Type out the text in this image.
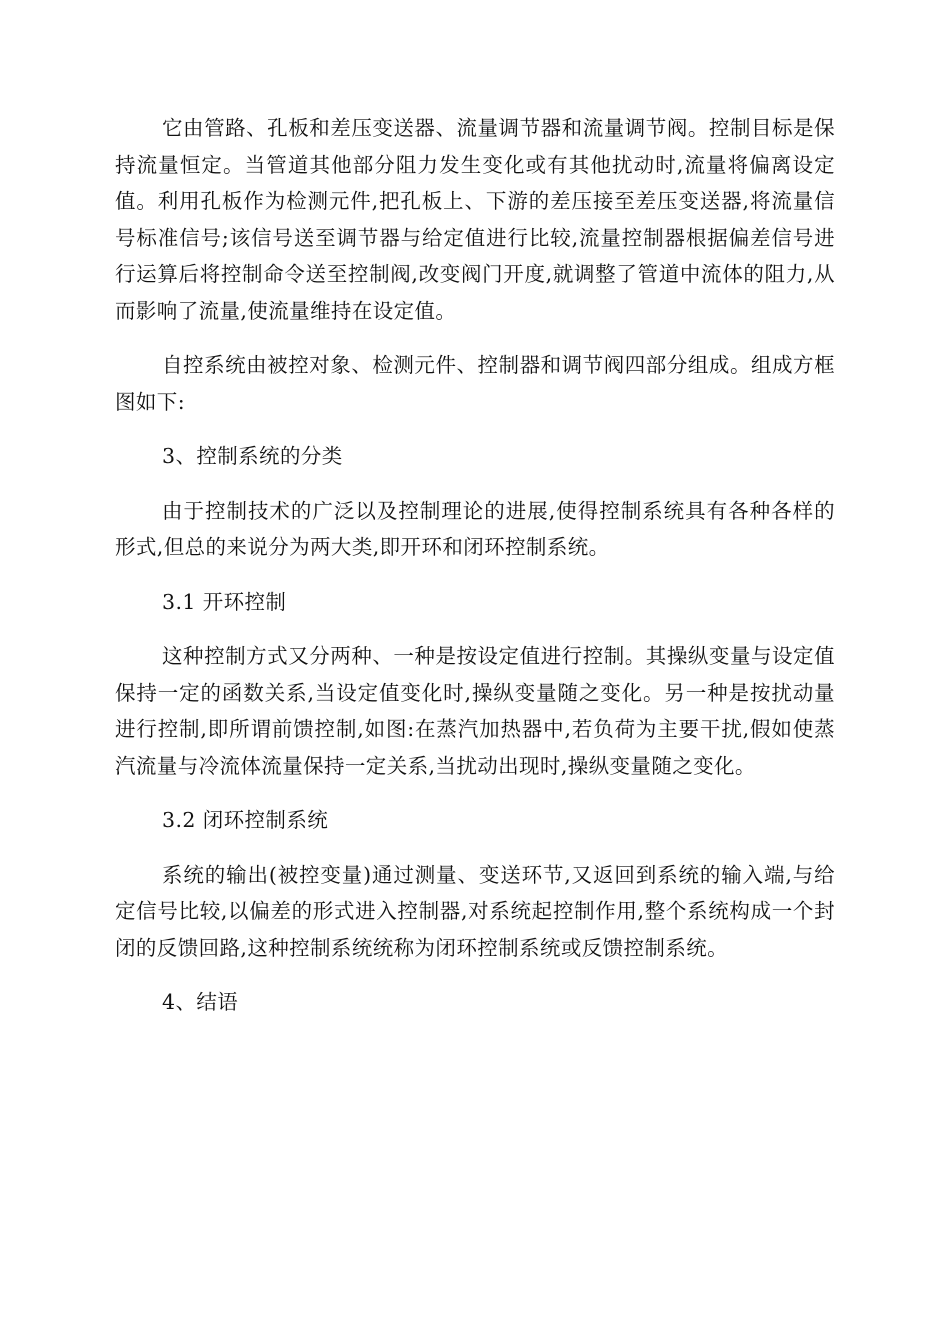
它由管路、孔板和差压变送器、流量调节器和流量调节阀。控制目标是保持流量恒定。当管道其他部分阻力发生变化或有其他扰动时,流量将偏离设定值。利用孔板作为检测元件,把孔板上、下游的差压接至差压变送器,将流量信号标准信号;该信号送至调节器与给定值进行比较,流量控制器根据偏差信号进行运算后将控制命令送至控制阀,改变阀门开度,就调整了管道中流体的阻力,从而影响了流量,使流量维持在设定值。

自控系统由被控对象、检测元件、控制器和调节阀四部分组成。组成方框图如下:

3、控制系统的分类

由于控制技术的广泛以及控制理论的进展,使得控制系统具有各种各样的形式,但总的来说分为两大类,即开环和闭环控制系统。

3.1 开环控制

这种控制方式又分两种、一种是按设定值进行控制。其操纵变量与设定值保持一定的函数关系,当设定值变化时,操纵变量随之变化。另一种是按扰动量进行控制,即所谓前馈控制,如图:在蒸汽加热器中,若负荷为主要干扰,假如使蒸汽流量与冷流体流量保持一定关系,当扰动出现时,操纵变量随之变化。

3.2 闭环控制系统

系统的输出(被控变量)通过测量、变送环节,又返回到系统的输入端,与给定信号比较,以偏差的形式进入控制器,对系统起控制作用,整个系统构成一个封闭的反馈回路,这种控制系统统称为闭环控制系统或反馈控制系统。

4、结语
